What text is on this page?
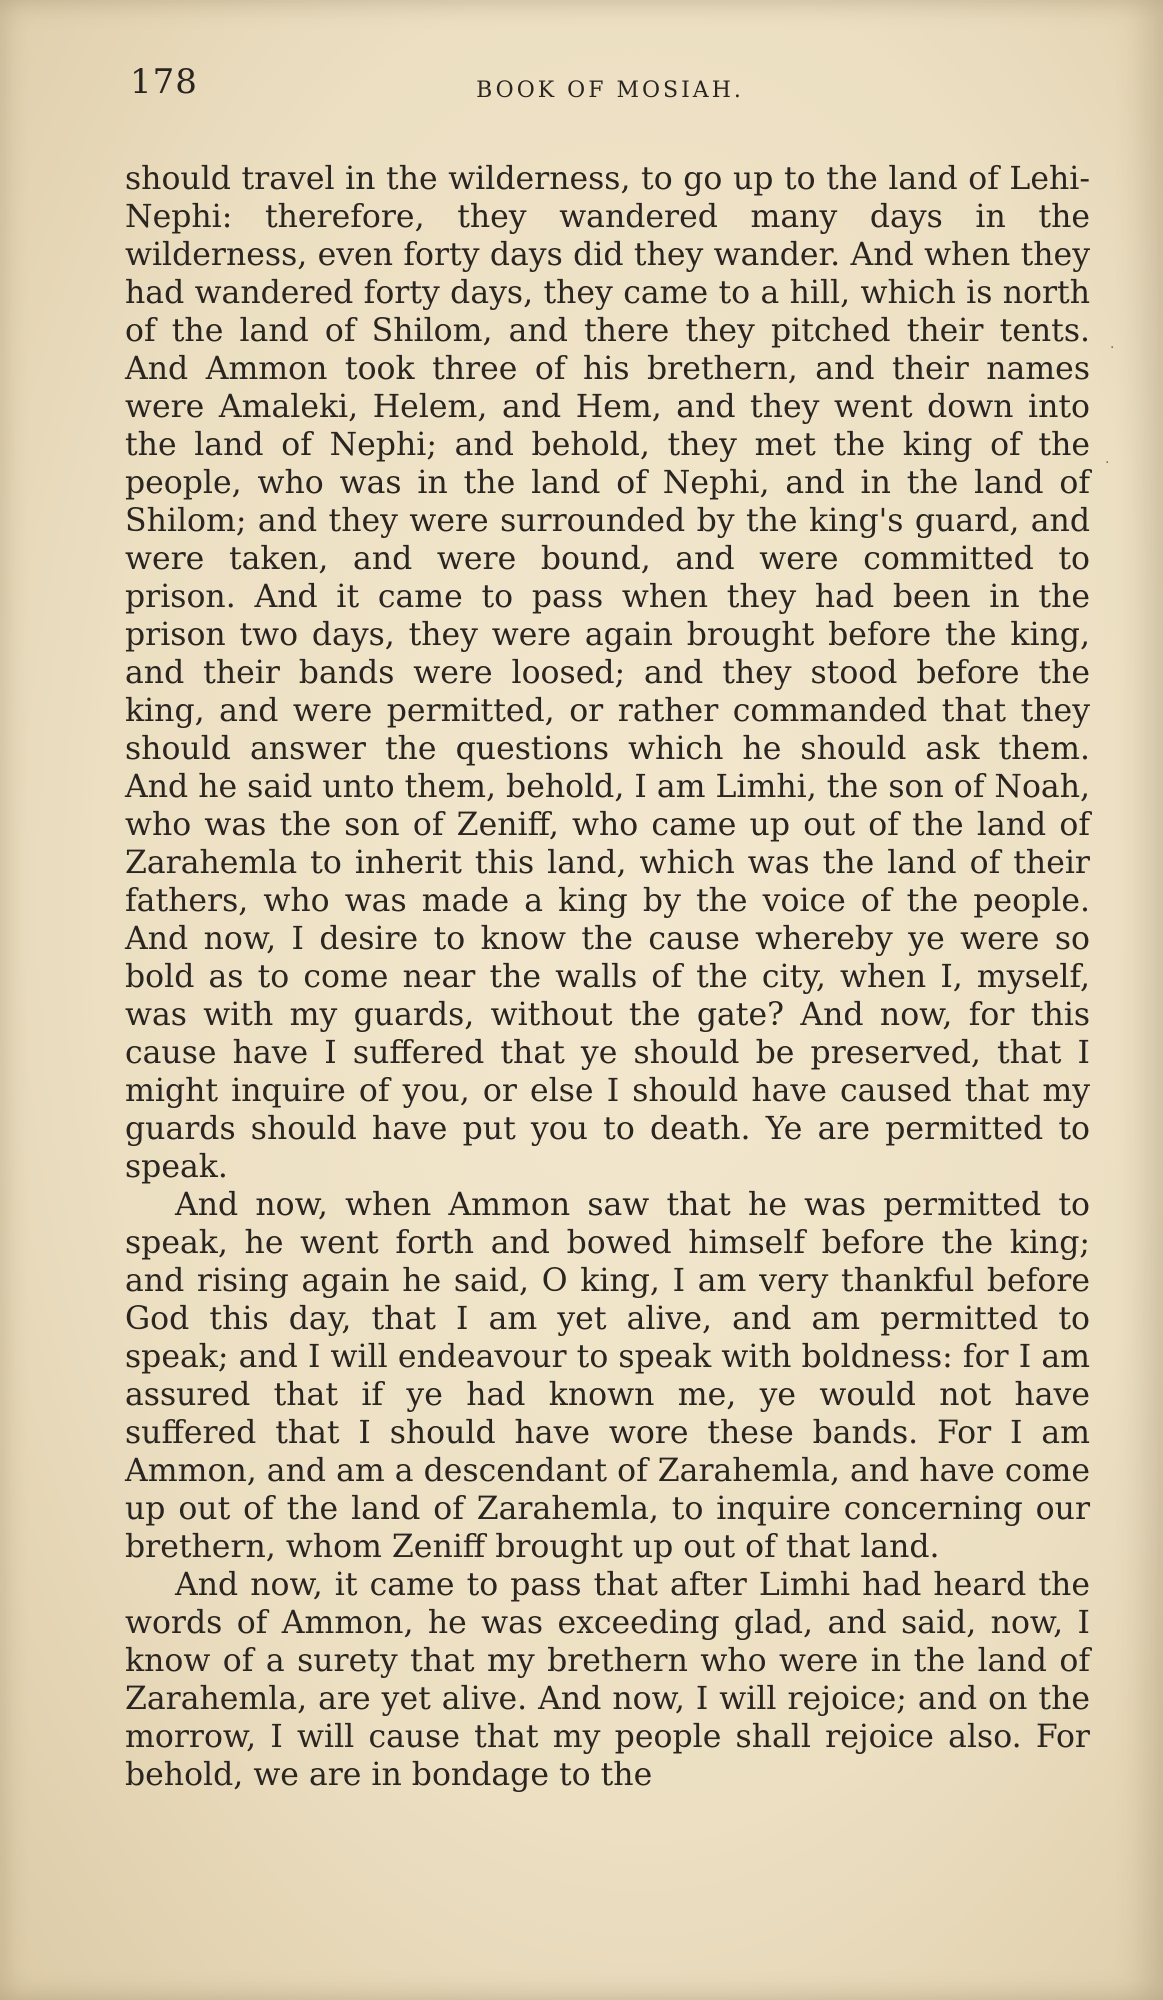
178	BOOK OF MOSIAH.

should travel in the wilderness, to go up to the land of Lehi-Nephi: therefore, they wandered many days in the wilderness, even forty days did they wander. And when they had wandered forty days, they came to a hill, which is north of the land of Shilom, and there they pitched their tents. And Ammon took three of his brethern, and their names were Amaleki, Helem, and Hem, and they went down into the land of Nephi; and behold, they met the king of the people, who was in the land of Nephi, and in the land of Shilom; and they were surrounded by the king's guard, and were taken, and were bound, and were committed to prison. And it came to pass when they had been in the prison two days, they were again brought before the king, and their bands were loosed; and they stood before the king, and were permitted, or rather commanded that they should answer the questions which he should ask them. And he said unto them, behold, I am Limhi, the son of Noah, who was the son of Zeniff, who came up out of the land of Zarahemla to inherit this land, which was the land of their fathers, who was made a king by the voice of the people. And now, I desire to know the cause whereby ye were so bold as to come near the walls of the city, when I, myself, was with my guards, without the gate? And now, for this cause have I suffered that ye should be preserved, that I might inquire of you, or else I should have caused that my guards should have put you to death. Ye are permitted to speak.

And now, when Ammon saw that he was permitted to speak, he went forth and bowed himself before the king; and rising again he said, O king, I am very thankful before God this day, that I am yet alive, and am permitted to speak; and I will endeavour to speak with boldness: for I am assured that if ye had known me, ye would not have suffered that I should have wore these bands. For I am Ammon, and am a descendant of Zarahemla, and have come up out of the land of Zarahemla, to inquire concerning our brethern, whom Zeniff brought up out of that land.

And now, it came to pass that after Limhi had heard the words of Ammon, he was exceeding glad, and said, now, I know of a surety that my brethern who were in the land of Zarahemla, are yet alive. And now, I will rejoice; and on the morrow, I will cause that my people shall rejoice also. For behold, we are in bondage to the

·
·
